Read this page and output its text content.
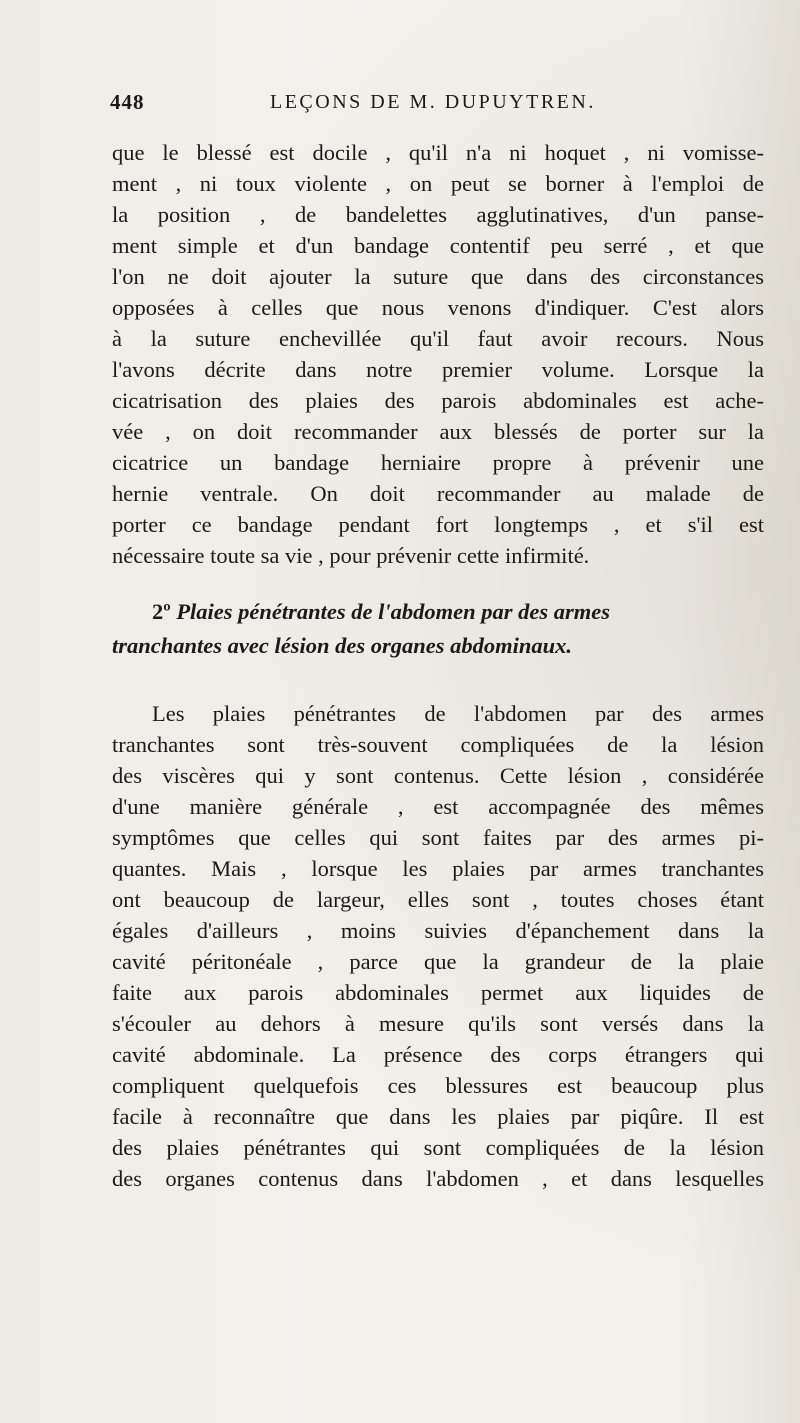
448	LEÇONS DE M. DUPUYTREN.
que le blessé est docile , qu'il n'a ni hoquet , ni vomisse-
ment , ni toux violente , on peut se borner à l'emploi de
la position , de bandelettes agglutinatives, d'un panse-
ment simple et d'un bandage contentif peu serré , et que
l'on ne doit ajouter la suture que dans des circonstances
opposées à celles que nous venons d'indiquer. C'est alors
à la suture enchevillée qu'il faut avoir recours. Nous
l'avons décrite dans notre premier volume. Lorsque la
cicatrisation des plaies des parois abdominales est ache-
vée , on doit recommander aux blessés de porter sur la
cicatrice un bandage herniaire propre à prévenir une
hernie ventrale. On doit recommander au malade de
porter ce bandage pendant fort longtemps , et s'il est
nécessaire toute sa vie , pour prévenir cette infirmité.
2º Plaies pénétrantes de l'abdomen par des armes
tranchantes avec lésion des organes abdominaux.
Les plaies pénétrantes de l'abdomen par des armes
tranchantes sont très-souvent compliquées de la lésion
des viscères qui y sont contenus. Cette lésion , considérée
d'une manière générale , est accompagnée des mêmes
symptômes que celles qui sont faites par des armes pi-
quantes. Mais , lorsque les plaies par armes tranchantes
ont beaucoup de largeur, elles sont , toutes choses étant
égales d'ailleurs , moins suivies d'épanchement dans la
cavité péritonéale , parce que la grandeur de la plaie
faite aux parois abdominales permet aux liquides de
s'écouler au dehors à mesure qu'ils sont versés dans la
cavité abdominale. La présence des corps étrangers qui
compliquent quelquefois ces blessures est beaucoup plus
facile à reconnaître que dans les plaies par piqûre. Il est
des plaies pénétrantes qui sont compliquées de la lésion
des organes contenus dans l'abdomen , et dans lesquelles
